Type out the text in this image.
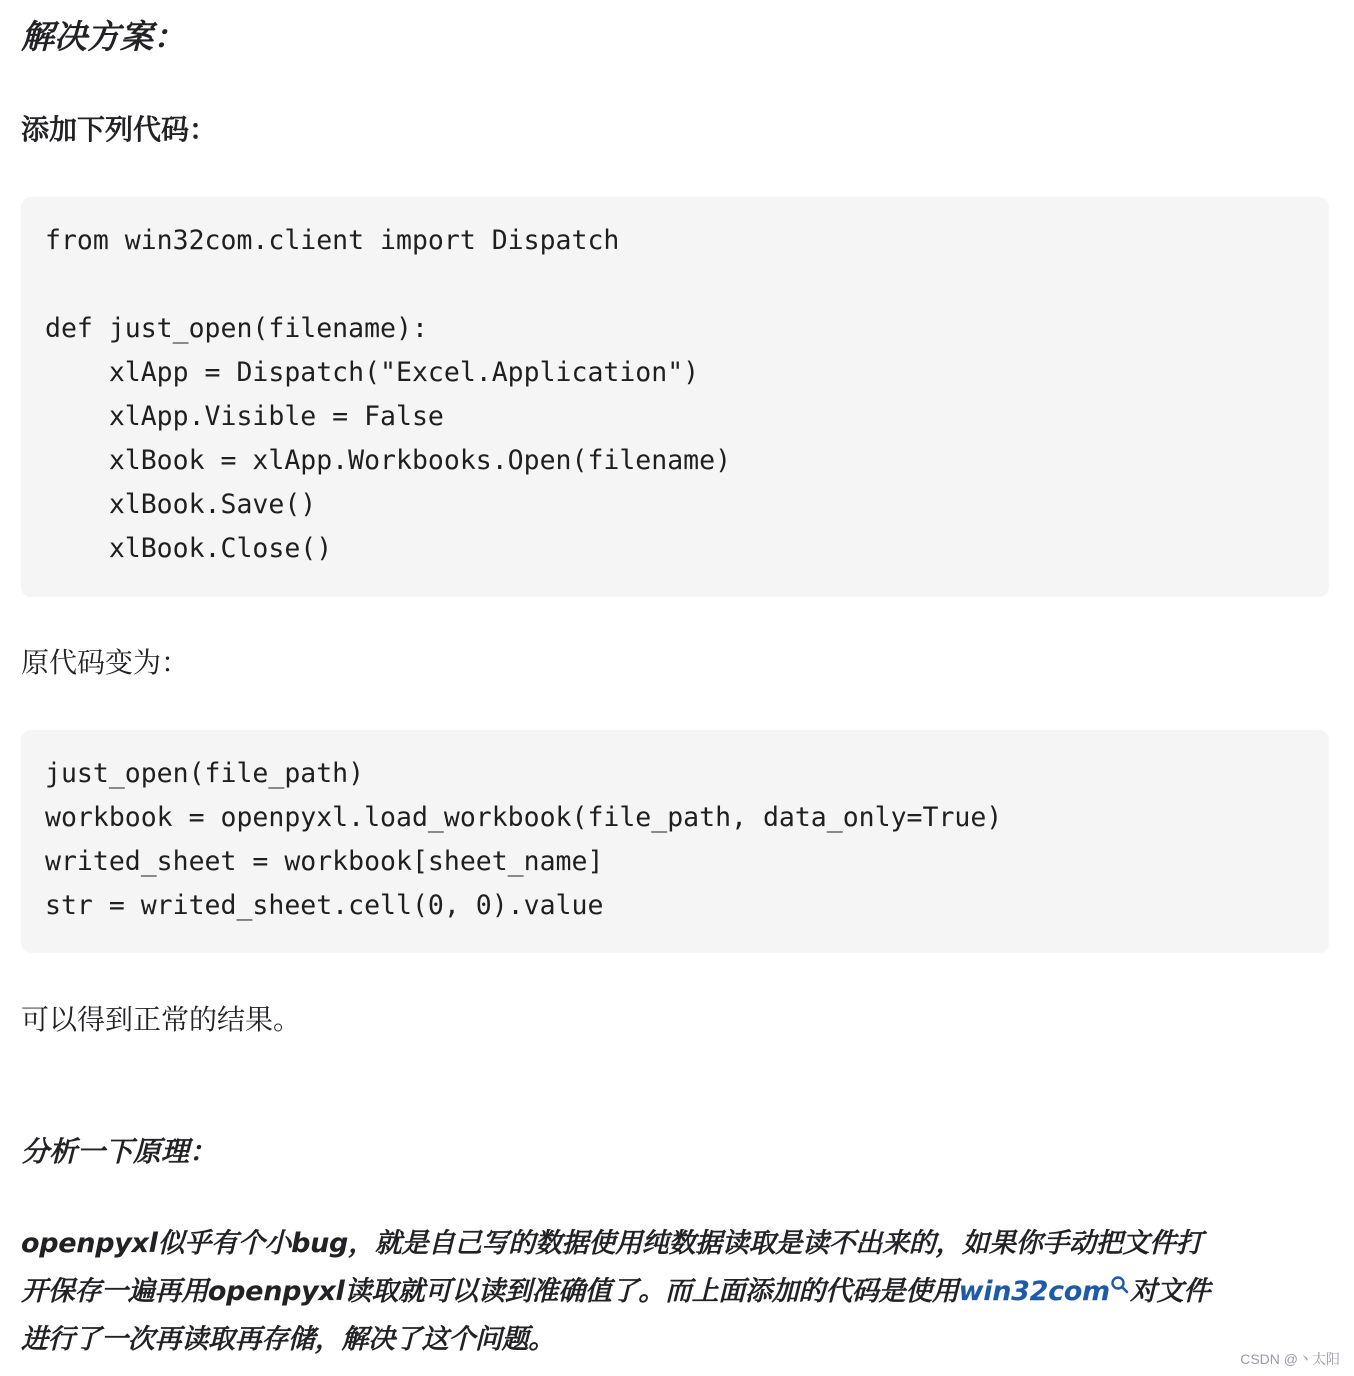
解决方案：
添加下列代码：
from win32com.client import Dispatch
def just_open(filename):
xlApp = Dispatch("Excel.Application")
xlApp.Visible = False
xlBook = xlApp.Workbooks.Open(filename)
xlBook.Save()
xlBook.Close()

原代码变为：

just_open(file_path)
workbook = openpyxl.load_workbook(file_path, data_only=True)
writed_sheet = workbook[sheet_name]
str = writed_sheet.cell(0, 0).value

可以得到正常的结果。

分析一下原理：

openpyxl似乎有个小bug，就是自己写的数据使用纯数据读取是读不出来的，如果你手动把文件打
开保存一遍再用openpyxl读取就可以读到准确值了。而上面添加的代码是使用win32com 对文件
进行了一次再读取再存储，解决了这个问题。

CSDN @丶太阳
